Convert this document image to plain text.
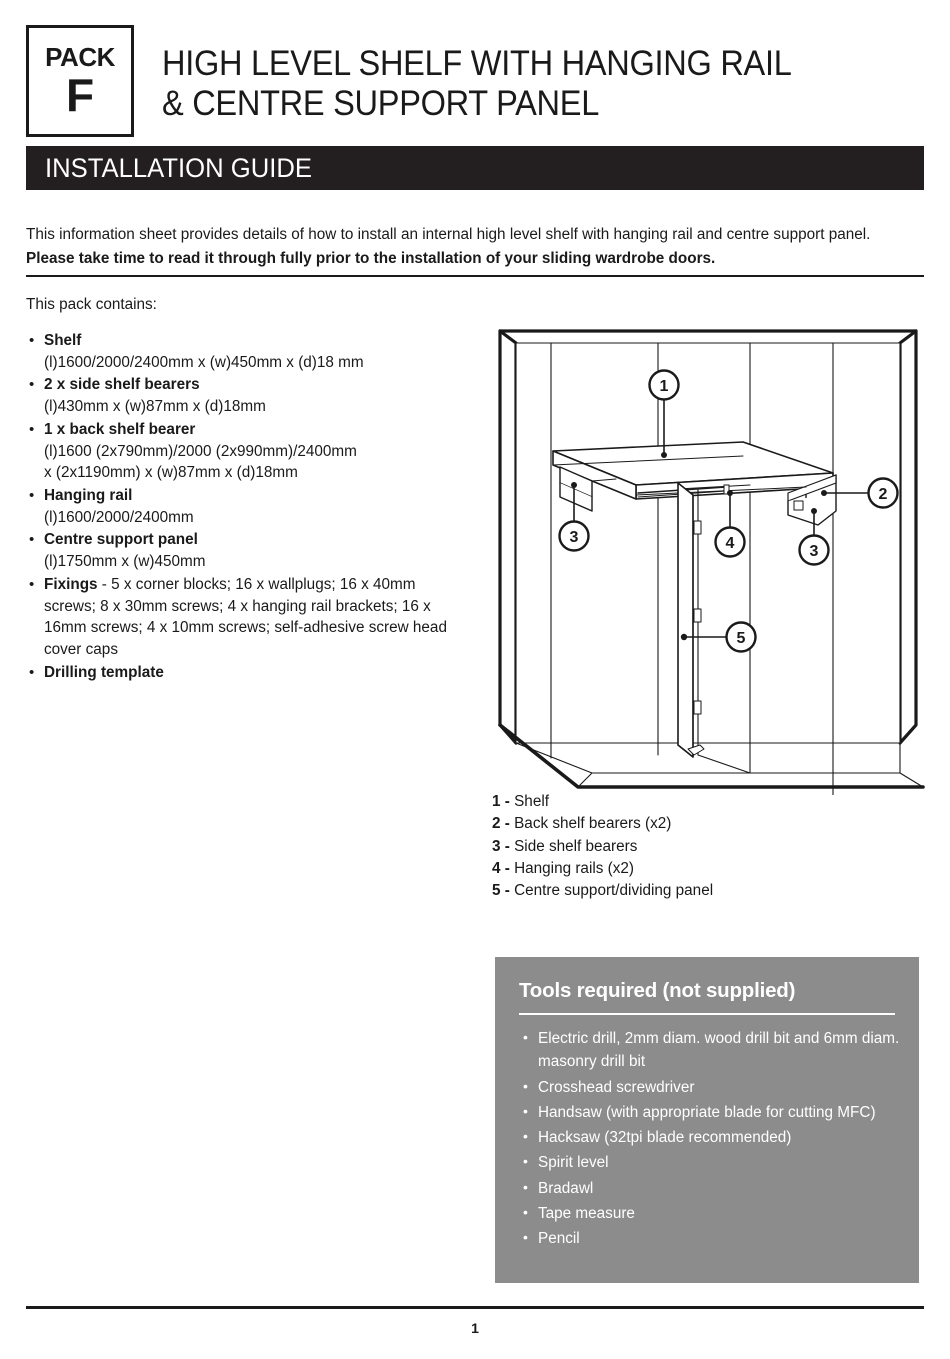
PACK
F
HIGH LEVEL SHELF WITH HANGING RAIL
& CENTRE SUPPORT PANEL
INSTALLATION GUIDE

This information sheet provides details of how to install an internal high level shelf with hanging rail and centre support panel. Please take time to read it through fully prior to the installation of your sliding wardrobe doors.

This pack contains:
• Shelf
(l)1600/2000/2400mm x (w)450mm x (d)18 mm
• 2 x side shelf bearers
(l)430mm x (w)87mm x (d)18mm
• 1 x back shelf bearer
(l)1600 (2x790mm)/2000 (2x990mm)/2400mm
x (2x1190mm) x (w)87mm x (d)18mm
• Hanging rail
(l)1600/2000/2400mm
• Centre support panel
(l)1750mm x (w)450mm
• Fixings - 5 x corner blocks; 16 x wallplugs; 16 x 40mm screws; 8 x 30mm screws; 4 x hanging rail brackets; 16 x 16mm screws; 4 x 10mm screws; self-adhesive screw head cover caps
• Drilling template
1
2
3	4	3
5
1 - Shelf
2 - Back shelf bearers (x2)
3 - Side shelf bearers
4 - Hanging rails (x2)
5 - Centre support/dividing panel
Tools required (not supplied)
• Electric drill, 2mm diam. wood drill bit and 6mm diam. masonry drill bit
• Crosshead screwdriver
• Handsaw (with appropriate blade for cutting MFC)
• Hacksaw (32tpi blade recommended)
• Spirit level
• Bradawl
• Tape measure
• Pencil
1
